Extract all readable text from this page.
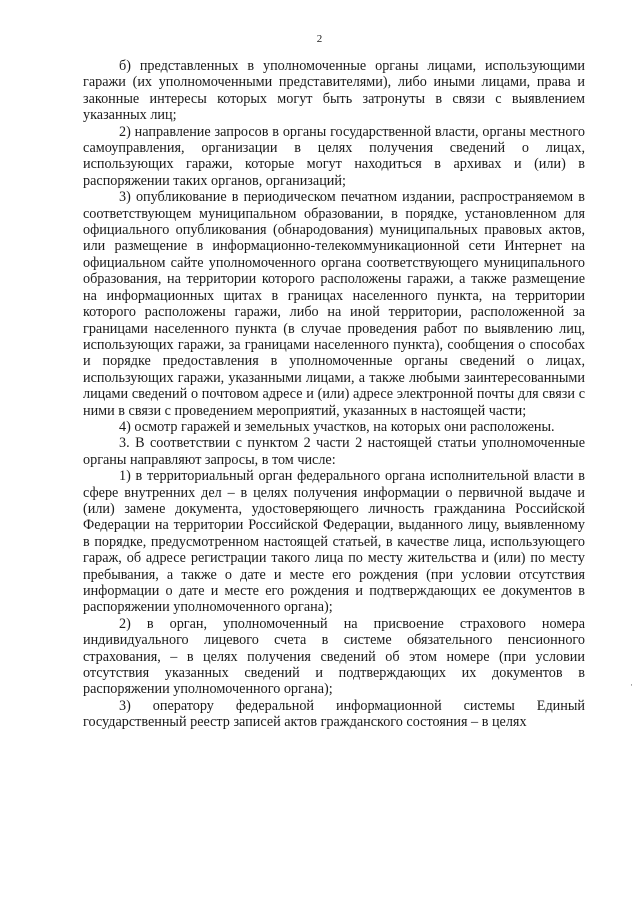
2

б) представленных в уполномоченные органы лицами, использующими гаражи (их уполномоченными представителями), либо иными лицами, права и законные интересы которых могут быть затронуты в связи с выявлением указанных лиц;

2) направление запросов в органы государственной власти, органы местного самоуправления, организации в целях получения сведений о лицах, использующих гаражи, которые могут находиться в архивах и (или) в распоряжении таких органов, организаций;

3) опубликование в периодическом печатном издании, распространяемом в соответствующем муниципальном образовании, в порядке, установленном для официального опубликования (обнародования) муниципальных правовых актов, или размещение в информационно-телекоммуникационной сети Интернет на официальном сайте уполномоченного органа соответствующего муниципального образования, на территории которого расположены гаражи, а также размещение на информационных щитах в границах населенного пункта, на территории которого расположены гаражи, либо на иной территории, расположенной за границами населенного пункта (в случае проведения работ по выявлению лиц, использующих гаражи, за границами населенного пункта), сообщения о способах и порядке предоставления в уполномоченные органы сведений о лицах, использующих гаражи, указанными лицами, а также любыми заинтересованными лицами сведений о почтовом адресе и (или) адресе электронной почты для связи с ними в связи с проведением мероприятий, указанных в настоящей части;

4) осмотр гаражей и земельных участков, на которых они расположены.

3. В соответствии с пунктом 2 части 2 настоящей статьи уполномоченные органы направляют запросы, в том числе:

1) в территориальный орган федерального органа исполнительной власти в сфере внутренних дел – в целях получения информации о первичной выдаче и (или) замене документа, удостоверяющего личность гражданина Российской Федерации на территории Российской Федерации, выданного лицу, выявленному в порядке, предусмотренном настоящей статьей, в качестве лица, использующего гараж, об адресе регистрации такого лица по месту жительства и (или) по месту пребывания, а также о дате и месте его рождения (при условии отсутствия информации о дате и месте его рождения и подтверждающих ее документов в распоряжении уполномоченного органа);

2) в орган, уполномоченный на присвоение страхового номера индивидуального лицевого счета в системе обязательного пенсионного страхования, – в целях получения сведений об этом номере (при условии отсутствия указанных сведений и подтверждающих их документов в распоряжении уполномоченного органа);

3) оператору федеральной информационной системы Единый государственный реестр записей актов гражданского состояния – в целях

·
